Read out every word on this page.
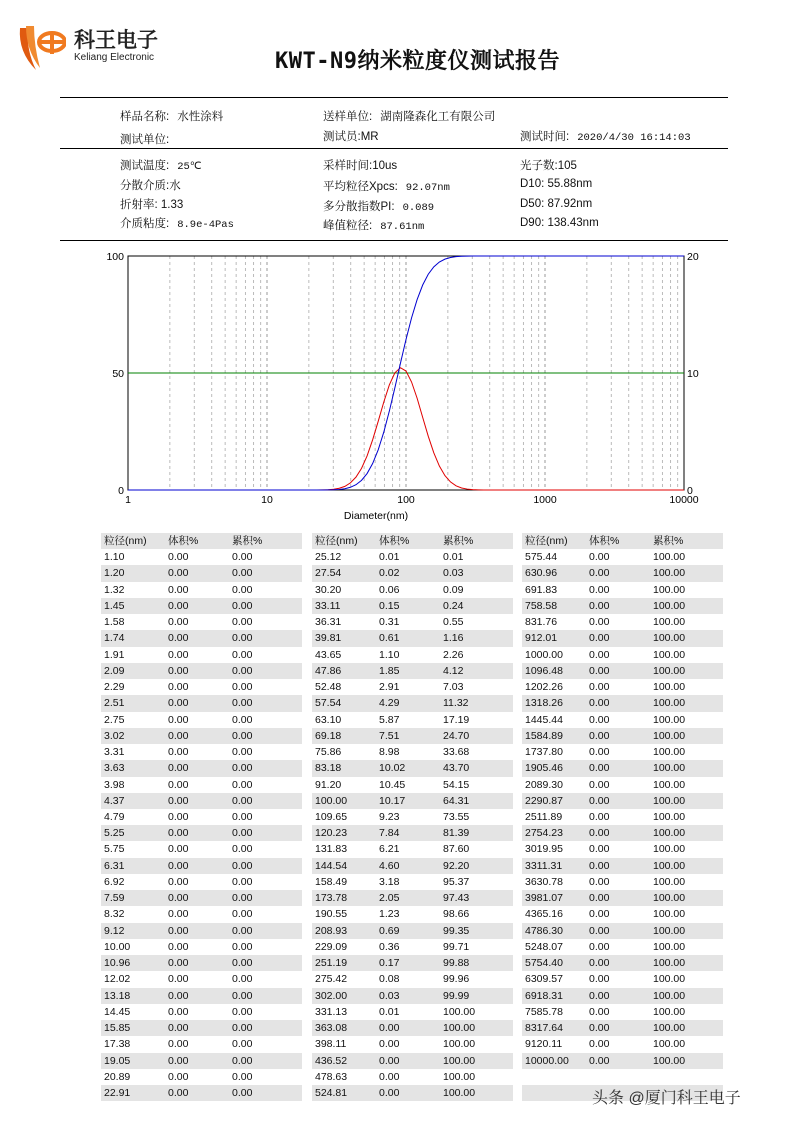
科王电子
Keliang Electronic	KWT-N9纳米粒度仪测试报告
样品名称: 水性涂料	送样单位: 湖南隆森化工有限公司
测试单位:	测试员:MR	测试时间: 2020/4/30 16:14:03
测试温度: 25℃	采样时间:10us	光子数:105
分散介质:水	平均粒径Xpcs: 92.07nm	D10: 55.88nm
折射率: 1.33	多分散指数PI: 0.089	D50: 87.92nm
介质粘度: 8.9e-4Pas	峰值粒径: 87.61nm	D90: 138.43nm
1	10	100	1000	10000
0
50
100
0
10
20
Diameter(nm)
粒径(nm)	体积%	累积%
1.10	0.00	0.00
1.20	0.00	0.00
1.32	0.00	0.00
1.45	0.00	0.00
1.58	0.00	0.00
1.74	0.00	0.00
1.91	0.00	0.00
2.09	0.00	0.00
2.29	0.00	0.00
2.51	0.00	0.00
2.75	0.00	0.00
3.02	0.00	0.00
3.31	0.00	0.00
3.63	0.00	0.00
3.98	0.00	0.00
4.37	0.00	0.00
4.79	0.00	0.00
5.25	0.00	0.00
5.75	0.00	0.00
6.31	0.00	0.00
6.92	0.00	0.00
7.59	0.00	0.00
8.32	0.00	0.00
9.12	0.00	0.00
10.00	0.00	0.00
10.96	0.00	0.00
12.02	0.00	0.00
13.18	0.00	0.00
14.45	0.00	0.00
15.85	0.00	0.00
17.38	0.00	0.00
19.05	0.00	0.00
20.89	0.00	0.00
22.91	0.00	0.00
粒径(nm)	体积%	累积%
25.12	0.01	0.01
27.54	0.02	0.03
30.20	0.06	0.09
33.11	0.15	0.24
36.31	0.31	0.55
39.81	0.61	1.16
43.65	1.10	2.26
47.86	1.85	4.12
52.48	2.91	7.03
57.54	4.29	11.32
63.10	5.87	17.19
69.18	7.51	24.70
75.86	8.98	33.68
83.18	10.02	43.70
91.20	10.45	54.15
100.00	10.17	64.31
109.65	9.23	73.55
120.23	7.84	81.39
131.83	6.21	87.60
144.54	4.60	92.20
158.49	3.18	95.37
173.78	2.05	97.43
190.55	1.23	98.66
208.93	0.69	99.35
229.09	0.36	99.71
251.19	0.17	99.88
275.42	0.08	99.96
302.00	0.03	99.99
331.13	0.01	100.00
363.08	0.00	100.00
398.11	0.00	100.00
436.52	0.00	100.00
478.63	0.00	100.00
524.81	0.00	100.00
粒径(nm)	体积%	累积%
575.44	0.00	100.00
630.96	0.00	100.00
691.83	0.00	100.00
758.58	0.00	100.00
831.76	0.00	100.00
912.01	0.00	100.00
1000.00	0.00	100.00
1096.48	0.00	100.00
1202.26	0.00	100.00
1318.26	0.00	100.00
1445.44	0.00	100.00
1584.89	0.00	100.00
1737.80	0.00	100.00
1905.46	0.00	100.00
2089.30	0.00	100.00
2290.87	0.00	100.00
2511.89	0.00	100.00
2754.23	0.00	100.00
3019.95	0.00	100.00
3311.31	0.00	100.00
3630.78	0.00	100.00
3981.07	0.00	100.00
4365.16	0.00	100.00
4786.30	0.00	100.00
5248.07	0.00	100.00
5754.40	0.00	100.00
6309.57	0.00	100.00
6918.31	0.00	100.00
7585.78	0.00	100.00
8317.64	0.00	100.00
9120.11	0.00	100.00
10000.00	0.00	100.00
头条 @厦门科王电子
